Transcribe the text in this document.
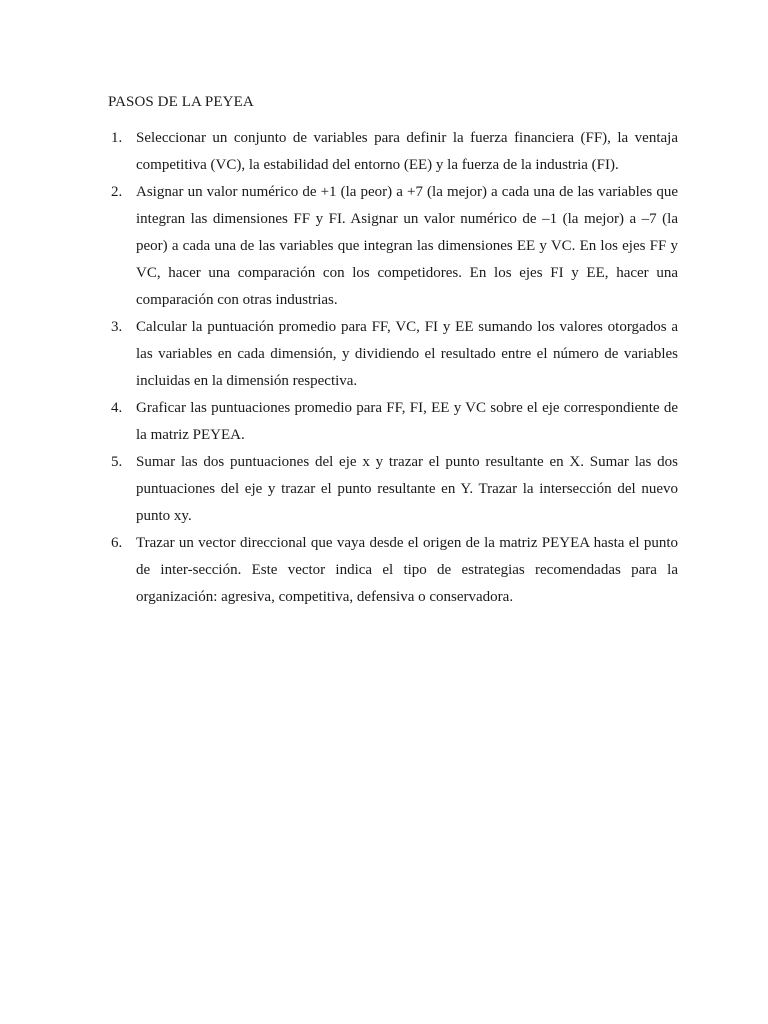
PASOS DE LA PEYEA
1. Seleccionar un conjunto de variables para definir la fuerza financiera (FF), la ventaja competitiva (VC), la estabilidad del entorno (EE) y la fuerza de la industria (FI).
2. Asignar un valor numérico de +1 (la peor) a +7 (la mejor) a cada una de las variables que integran las dimensiones FF y FI. Asignar un valor numérico de –1 (la mejor) a –7 (la peor) a cada una de las variables que integran las dimensiones EE y VC. En los ejes FF y VC, hacer una comparación con los competidores. En los ejes FI y EE, hacer una comparación con otras industrias.
3. Calcular la puntuación promedio para FF, VC, FI y EE sumando los valores otorgados a las variables en cada dimensión, y dividiendo el resultado entre el número de variables incluidas en la dimensión respectiva.
4. Graficar las puntuaciones promedio para FF, FI, EE y VC sobre el eje correspondiente de la matriz PEYEA.
5. Sumar las dos puntuaciones del eje x y trazar el punto resultante en X. Sumar las dos puntuaciones del eje y trazar el punto resultante en Y. Trazar la intersección del nuevo punto xy.
6. Trazar un vector direccional que vaya desde el origen de la matriz PEYEA hasta el punto de inter-sección. Este vector indica el tipo de estrategias recomendadas para la organización: agresiva, competitiva, defensiva o conservadora.
